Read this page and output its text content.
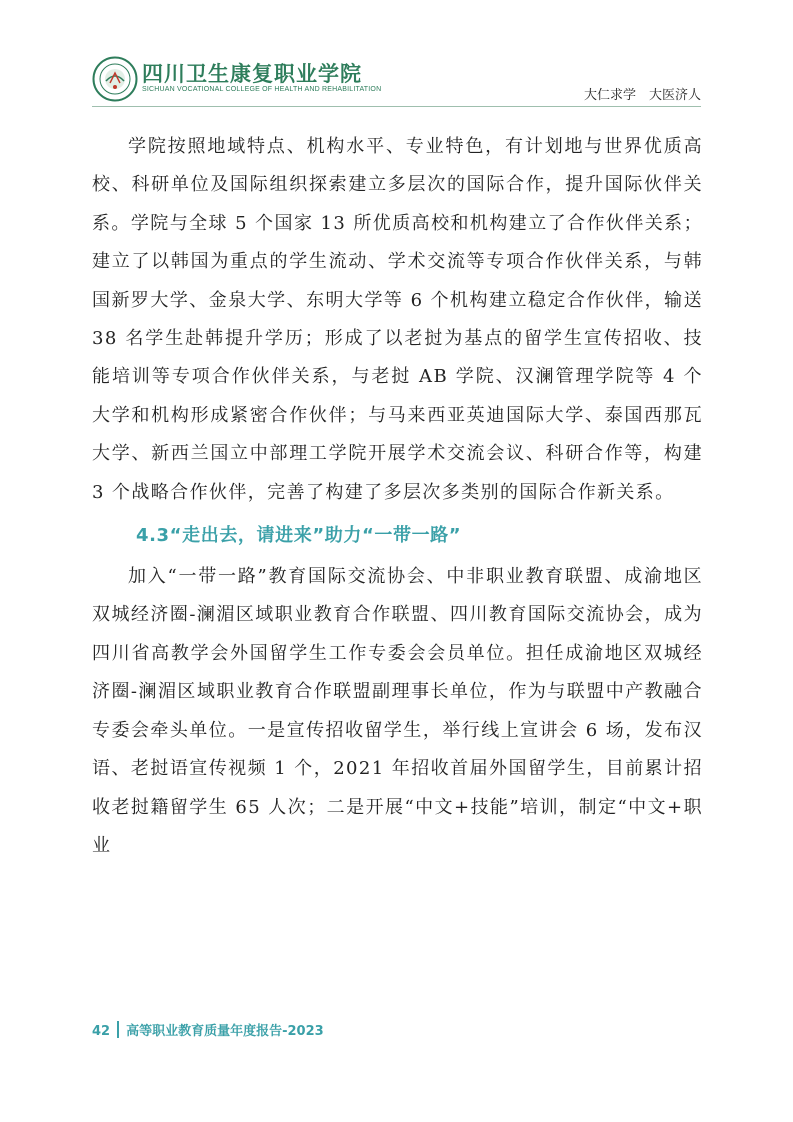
四川卫生康复职业学院
SICHUAN VOCATIONAL COLLEGE OF HEALTH AND REHABILITATION	大仁求学　大医济人

学院按照地域特点、机构水平、专业特色，有计划地与世界优质高校、科研单位及国际组织探索建立多层次的国际合作，提升国际伙伴关系。学院与全球 5 个国家 13 所优质高校和机构建立了合作伙伴关系；建立了以韩国为重点的学生流动、学术交流等专项合作伙伴关系，与韩国新罗大学、金泉大学、东明大学等 6 个机构建立稳定合作伙伴，输送 38 名学生赴韩提升学历；形成了以老挝为基点的留学生宣传招收、技能培训等专项合作伙伴关系，与老挝 AB 学院、汉澜管理学院等 4 个大学和机构形成紧密合作伙伴；与马来西亚英迪国际大学、泰国西那瓦大学、新西兰国立中部理工学院开展学术交流会议、科研合作等，构建 3 个战略合作伙伴，完善了构建了多层次多类别的国际合作新关系。

4.3“走出去，请进来”助力“一带一路”

加入“一带一路”教育国际交流协会、中非职业教育联盟、成渝地区双城经济圈-澜湄区域职业教育合作联盟、四川教育国际交流协会，成为四川省高教学会外国留学生工作专委会会员单位。担任成渝地区双城经济圈-澜湄区域职业教育合作联盟副理事长单位，作为与联盟中产教融合专委会牵头单位。一是宣传招收留学生，举行线上宣讲会 6 场，发布汉语、老挝语宣传视频 1 个，2021 年招收首届外国留学生，目前累计招收老挝籍留学生 65 人次；二是开展“中文+技能”培训，制定“中文+职业

42 高等职业教育质量年度报告-2023
